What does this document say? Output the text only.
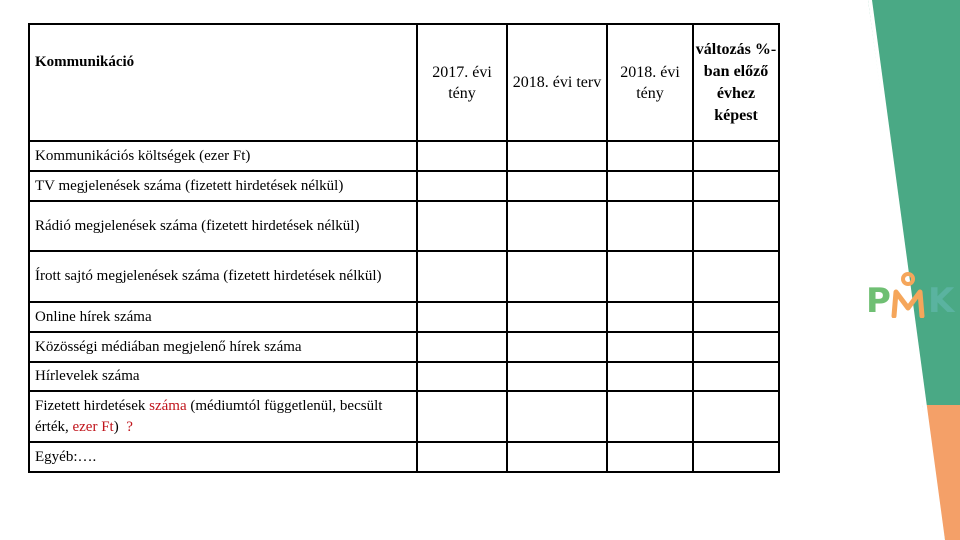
P K
Kommunikáció	2017. évi tény	2018. évi terv	2018. évi tény	változás %-ban előző évhez képest
Kommunikációs költségek (ezer Ft)				
TV megjelenések száma (fizetett hirdetések nélkül)				
Rádió megjelenések száma (fizetett hirdetések nélkül)				
Írott sajtó megjelenések száma (fizetett hirdetések nélkül)				
Online hírek száma				
Közösségi médiában megjelenő hírek száma				
Hírlevelek száma				
Fizetett hirdetések száma (médiumtól függetlenül, becsült érték, ezer Ft)  ?				
Egyéb:….				
